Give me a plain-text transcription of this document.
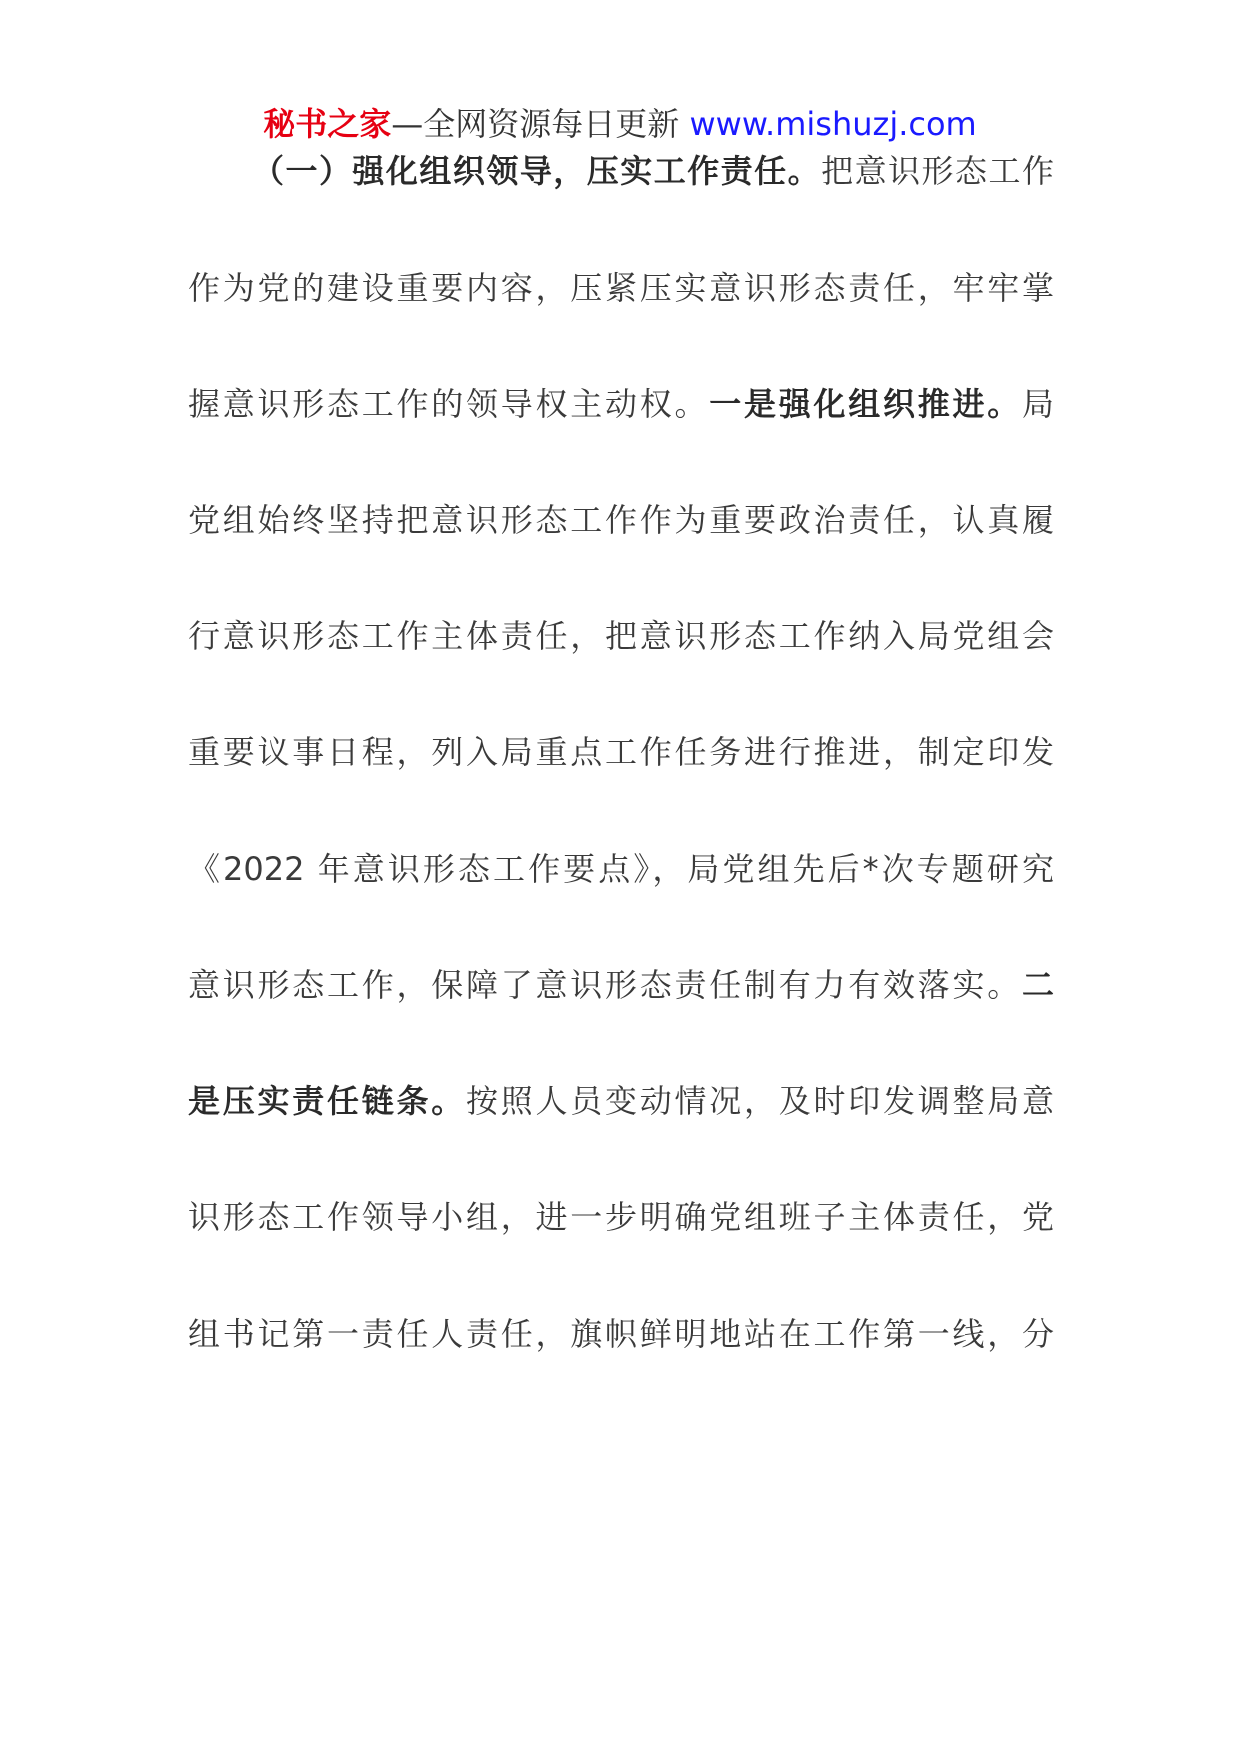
秘书之家—全网资源每日更新 www.mishuzj.com
（一）强化组织领导，压实工作责任。把意识形态工作
作为党的建设重要内容，压紧压实意识形态责任，牢牢掌
握意识形态工作的领导权主动权。一是强化组织推进。局
党组始终坚持把意识形态工作作为重要政治责任，认真履
行意识形态工作主体责任，把意识形态工作纳入局党组会
重要议事日程，列入局重点工作任务进行推进，制定印发
《2022 年意识形态工作要点》，局党组先后*次专题研究
意识形态工作，保障了意识形态责任制有力有效落实。二
是压实责任链条。按照人员变动情况，及时印发调整局意
识形态工作领导小组，进一步明确党组班子主体责任，党
组书记第一责任人责任，旗帜鲜明地站在工作第一线，分
